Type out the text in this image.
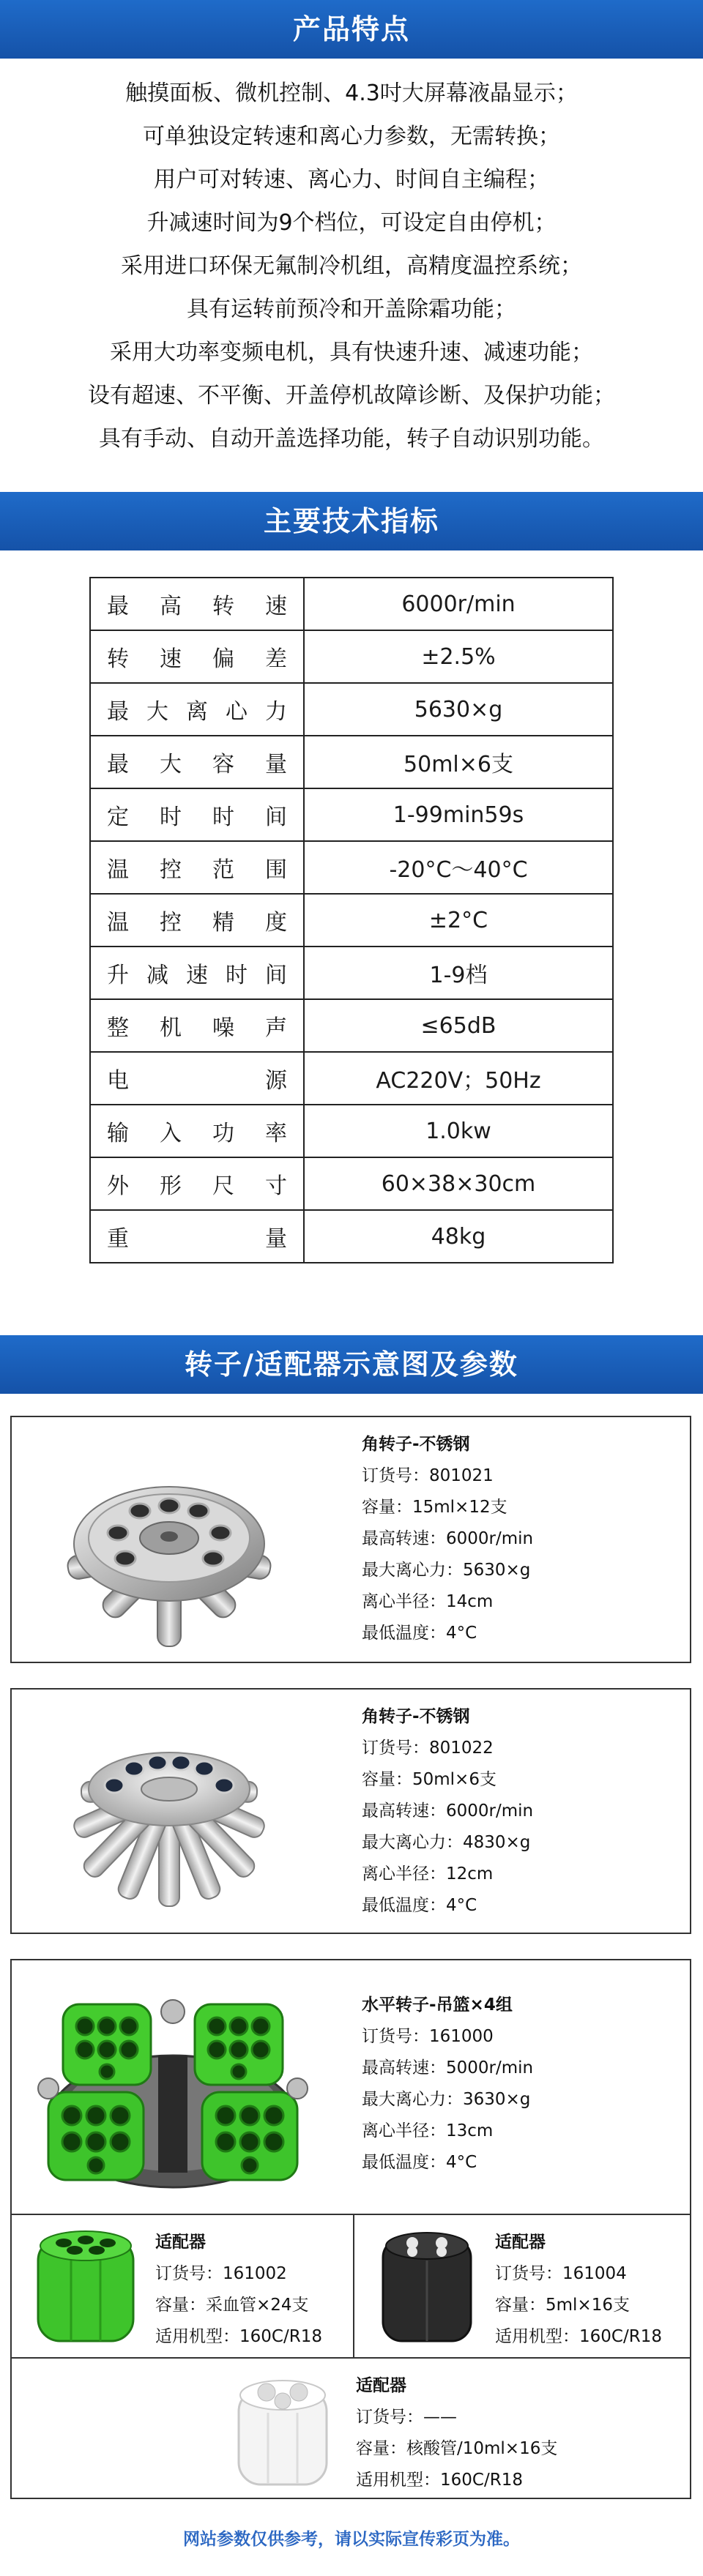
产品特点
触摸面板、微机控制、4.3吋大屏幕液晶显示；
可单独设定转速和离心力参数，无需转换；
用户可对转速、离心力、时间自主编程；
升减速时间为9个档位，可设定自由停机；
采用进口环保无氟制冷机组，高精度温控系统；
具有运转前预冷和开盖除霜功能；
采用大功率变频电机，具有快速升速、减速功能；
设有超速、不平衡、开盖停机故障诊断、及保护功能；
具有手动、自动开盖选择功能，转子自动识别功能。
主要技术指标
最高转速	6000r/min

转速偏差	±2.5%

最大离心力	5630×g

最大容量	50ml×6支

定时时间	1-99min59s

温控范围	-20°C～40°C

温控精度	±2°C

升减速时间	1-9档

整机噪声	≤65dB

电源	AC220V；50Hz

输入功率	1.0kw

外形尺寸	60×38×30cm

重量	48kg
转子/适配器示意图及参数
角转子-不锈钢
订货号：801021
容量：15ml×12支
最高转速：6000r/min
最大离心力：5630×g
离心半径：14cm
最低温度：4°C
角转子-不锈钢
订货号：801022
容量：50ml×6支
最高转速：6000r/min
最大离心力：4830×g
离心半径：12cm
最低温度：4°C
水平转子-吊篮×4组
订货号：161000
最高转速：5000r/min
最大离心力：3630×g
离心半径：13cm
最低温度：4°C
适配器
订货号：161002
容量：采血管×24支
适用机型：160C/R18
适配器
订货号：161004
容量：5ml×16支
适用机型：160C/R18
适配器
订货号：——
容量：核酸管/10ml×16支
适用机型：160C/R18
网站参数仅供参考，请以实际宣传彩页为准。
